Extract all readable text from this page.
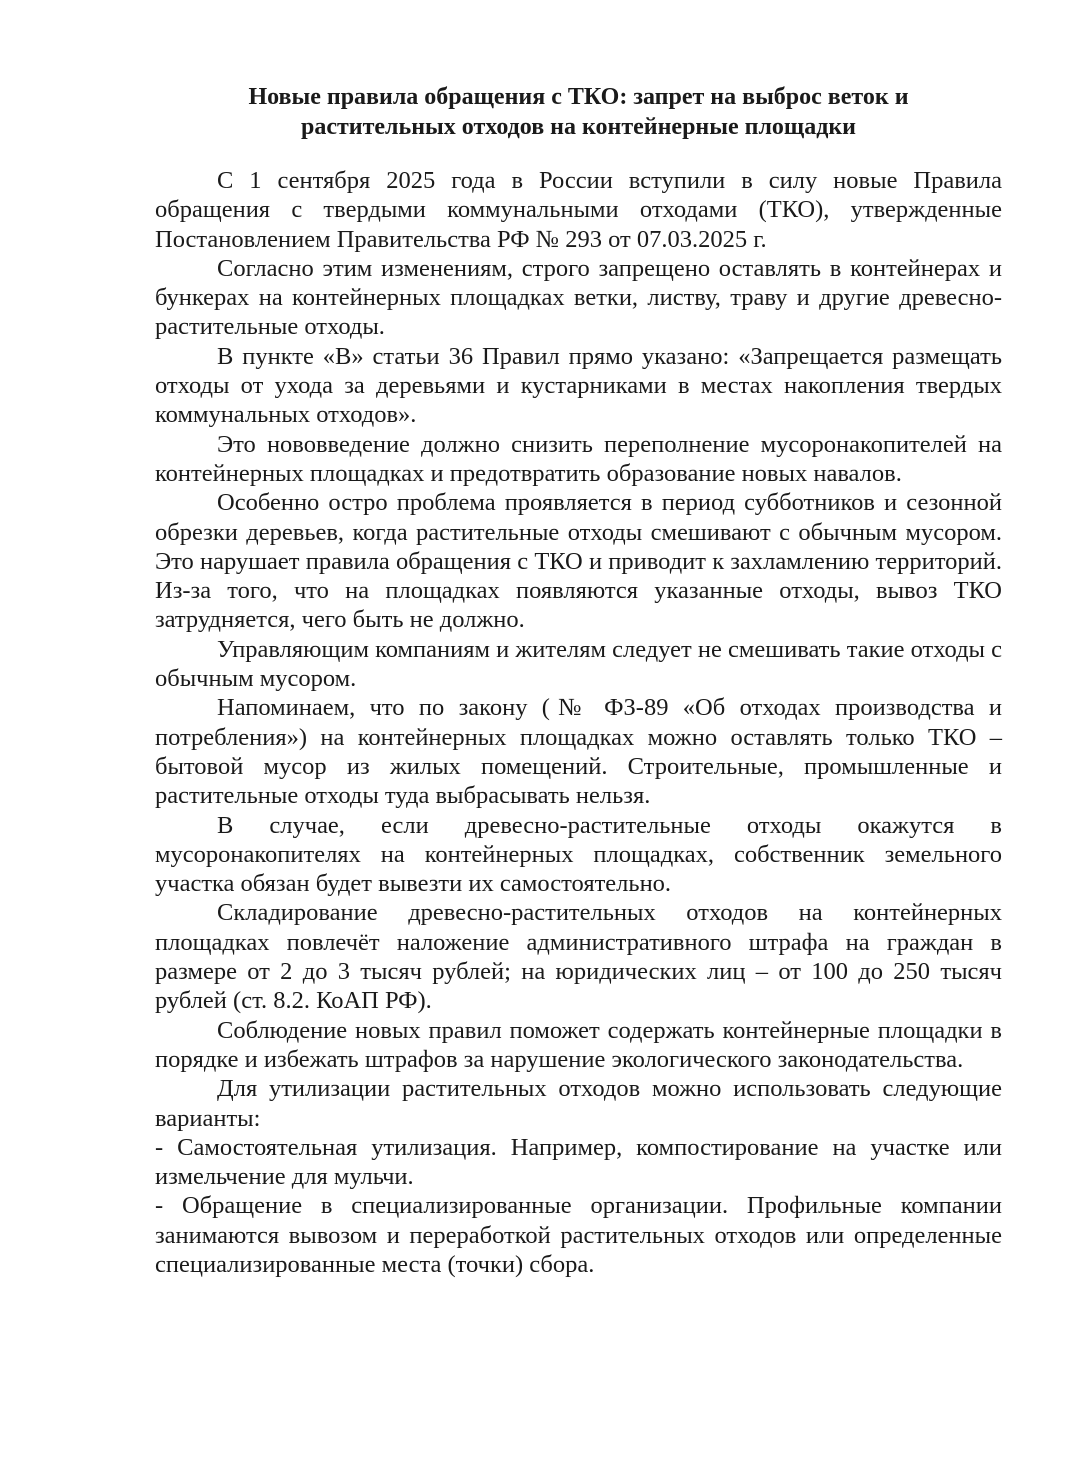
Новые правила обращения с ТКО: запрет на выброс веток и
растительных отходов на контейнерные площадки

С 1 сентября 2025 года в России вступили в силу новые Правила обращения с твердыми коммунальными отходами (ТКО), утвержденные Постановлением Правительства РФ № 293 от 07.03.2025 г.

Согласно этим изменениям, строго запрещено оставлять в контейнерах и бункерах на контейнерных площадках ветки, листву, траву и другие древесно-растительные отходы.

В пункте «В» статьи 36 Правил прямо указано: «Запрещается размещать отходы от ухода за деревьями и кустарниками в местах накопления твердых коммунальных отходов».

Это нововведение должно снизить переполнение мусоронакопителей на контейнерных площадках и предотвратить образование новых навалов.

Особенно остро проблема проявляется в период субботников и сезонной обрезки деревьев, когда растительные отходы смешивают с обычным мусором. Это нарушает правила обращения с ТКО и приводит к захламлению территорий. Из-за того, что на площадках появляются указанные отходы, вывоз ТКО затрудняется, чего быть не должно.

Управляющим компаниям и жителям следует не смешивать такие отходы с обычным мусором.

Напоминаем, что по закону (№ ФЗ-89 «Об отходах производства и потребления») на контейнерных площадках можно оставлять только ТКО – бытовой мусор из жилых помещений. Строительные, промышленные и растительные отходы туда выбрасывать нельзя.

В случае, если древесно-растительные отходы окажутся в мусоронакопителях на контейнерных площадках, собственник земельного участка обязан будет вывезти их самостоятельно.

Складирование древесно-растительных отходов на контейнерных площадках повлечёт наложение административного штрафа на граждан в размере от 2 до 3 тысяч рублей; на юридических лиц – от 100 до 250 тысяч рублей (ст. 8.2. КоАП РФ).

Соблюдение новых правил поможет содержать контейнерные площадки в порядке и избежать штрафов за нарушение экологического законодательства.

Для утилизации растительных отходов можно использовать следующие варианты:

- Самостоятельная утилизация. Например, компостирование на участке или измельчение для мульчи.

- Обращение в специализированные организации. Профильные компании занимаются вывозом и переработкой растительных отходов или определенные специализированные места (точки) сбора.
